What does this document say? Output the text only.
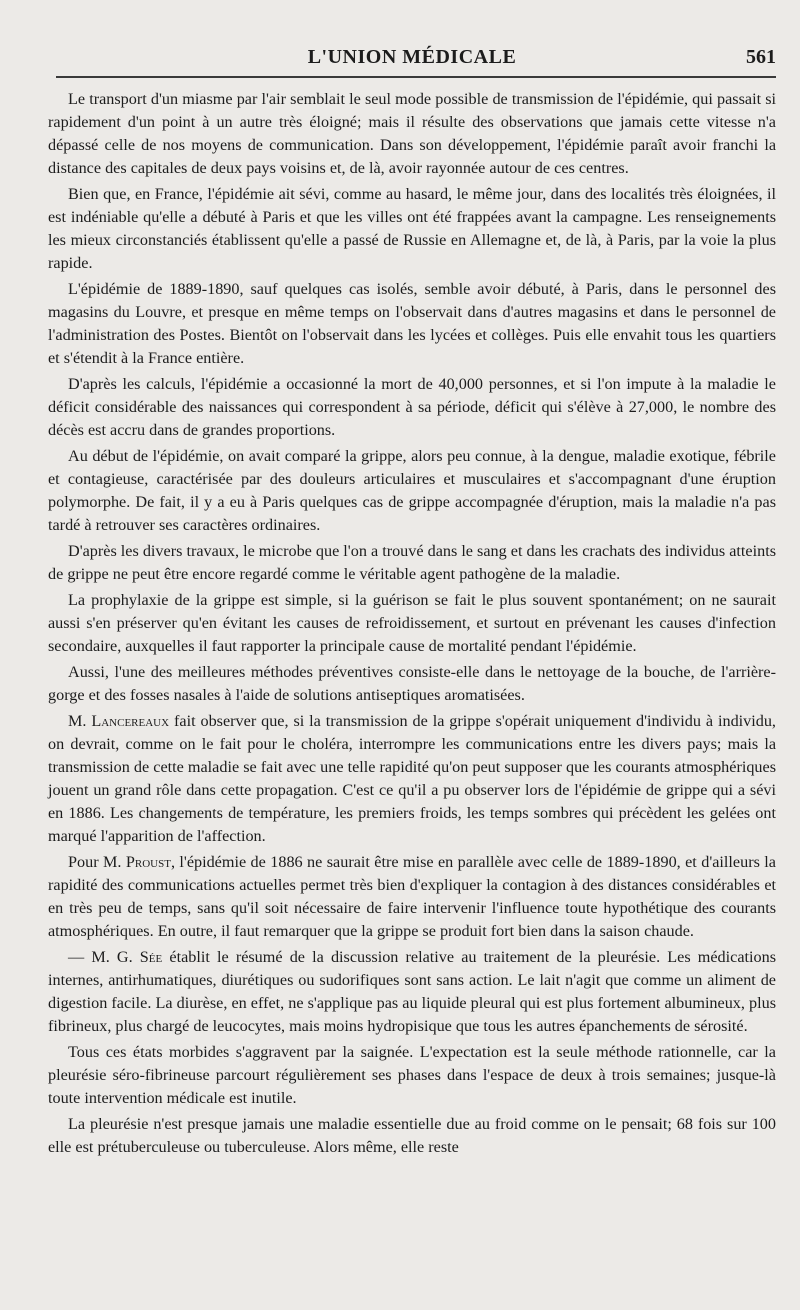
L'UNION MÉDICALE	561

Le transport d'un miasme par l'air semblait le seul mode possible de transmission de l'épidémie, qui passait si rapidement d'un point à un autre très éloigné; mais il résulte des observations que jamais cette vitesse n'a dépassé celle de nos moyens de communication. Dans son développement, l'épidémie paraît avoir franchi la distance des capitales de deux pays voisins et, de là, avoir rayonnée autour de ces centres.

Bien que, en France, l'épidémie ait sévi, comme au hasard, le même jour, dans des localités très éloignées, il est indéniable qu'elle a débuté à Paris et que les villes ont été frappées avant la campagne. Les renseignements les mieux circonstanciés établissent qu'elle a passé de Russie en Allemagne et, de là, à Paris, par la voie la plus rapide.

L'épidémie de 1889-1890, sauf quelques cas isolés, semble avoir débuté, à Paris, dans le personnel des magasins du Louvre, et presque en même temps on l'observait dans d'autres magasins et dans le personnel de l'administration des Postes. Bientôt on l'observait dans les lycées et collèges. Puis elle envahit tous les quartiers et s'étendit à la France entière.

D'après les calculs, l'épidémie a occasionné la mort de 40,000 personnes, et si l'on impute à la maladie le déficit considérable des naissances qui correspondent à sa période, déficit qui s'élève à 27,000, le nombre des décès est accru dans de grandes proportions.

Au début de l'épidémie, on avait comparé la grippe, alors peu connue, à la dengue, maladie exotique, fébrile et contagieuse, caractérisée par des douleurs articulaires et musculaires et s'accompagnant d'une éruption polymorphe. De fait, il y a eu à Paris quelques cas de grippe accompagnée d'éruption, mais la maladie n'a pas tardé à retrouver ses caractères ordinaires.

D'après les divers travaux, le microbe que l'on a trouvé dans le sang et dans les crachats des individus atteints de grippe ne peut être encore regardé comme le véritable agent pathogène de la maladie.

La prophylaxie de la grippe est simple, si la guérison se fait le plus souvent spontanément; on ne saurait aussi s'en préserver qu'en évitant les causes de refroidissement, et surtout en prévenant les causes d'infection secondaire, auxquelles il faut rapporter la principale cause de mortalité pendant l'épidémie.

Aussi, l'une des meilleures méthodes préventives consiste-elle dans le nettoyage de la bouche, de l'arrière-gorge et des fosses nasales à l'aide de solutions antiseptiques aromatisées.

M. Lancereaux fait observer que, si la transmission de la grippe s'opérait uniquement d'individu à individu, on devrait, comme on le fait pour le choléra, interrompre les communications entre les divers pays; mais la transmission de cette maladie se fait avec une telle rapidité qu'on peut supposer que les courants atmosphériques jouent un grand rôle dans cette propagation. C'est ce qu'il a pu observer lors de l'épidémie de grippe qui a sévi en 1886. Les changements de température, les premiers froids, les temps sombres qui précèdent les gelées ont marqué l'apparition de l'affection.

Pour M. Proust, l'épidémie de 1886 ne saurait être mise en parallèle avec celle de 1889-1890, et d'ailleurs la rapidité des communications actuelles permet très bien d'expliquer la contagion à des distances considérables et en très peu de temps, sans qu'il soit nécessaire de faire intervenir l'influence toute hypothétique des courants atmosphériques. En outre, il faut remarquer que la grippe se produit fort bien dans la saison chaude.

— M. G. Sée établit le résumé de la discussion relative au traitement de la pleurésie. Les médications internes, antirhumatiques, diurétiques ou sudorifiques sont sans action. Le lait n'agit que comme un aliment de digestion facile. La diurèse, en effet, ne s'applique pas au liquide pleural qui est plus fortement albumineux, plus fibrineux, plus chargé de leucocytes, mais moins hydropisique que tous les autres épanchements de sérosité.

Tous ces états morbides s'aggravent par la saignée. L'expectation est la seule méthode rationnelle, car la pleurésie séro-fibrineuse parcourt régulièrement ses phases dans l'espace de deux à trois semaines; jusque-là toute intervention médicale est inutile.

La pleurésie n'est presque jamais une maladie essentielle due au froid comme on le pensait; 68 fois sur 100 elle est prétuberculeuse ou tuberculeuse. Alors même, elle reste
